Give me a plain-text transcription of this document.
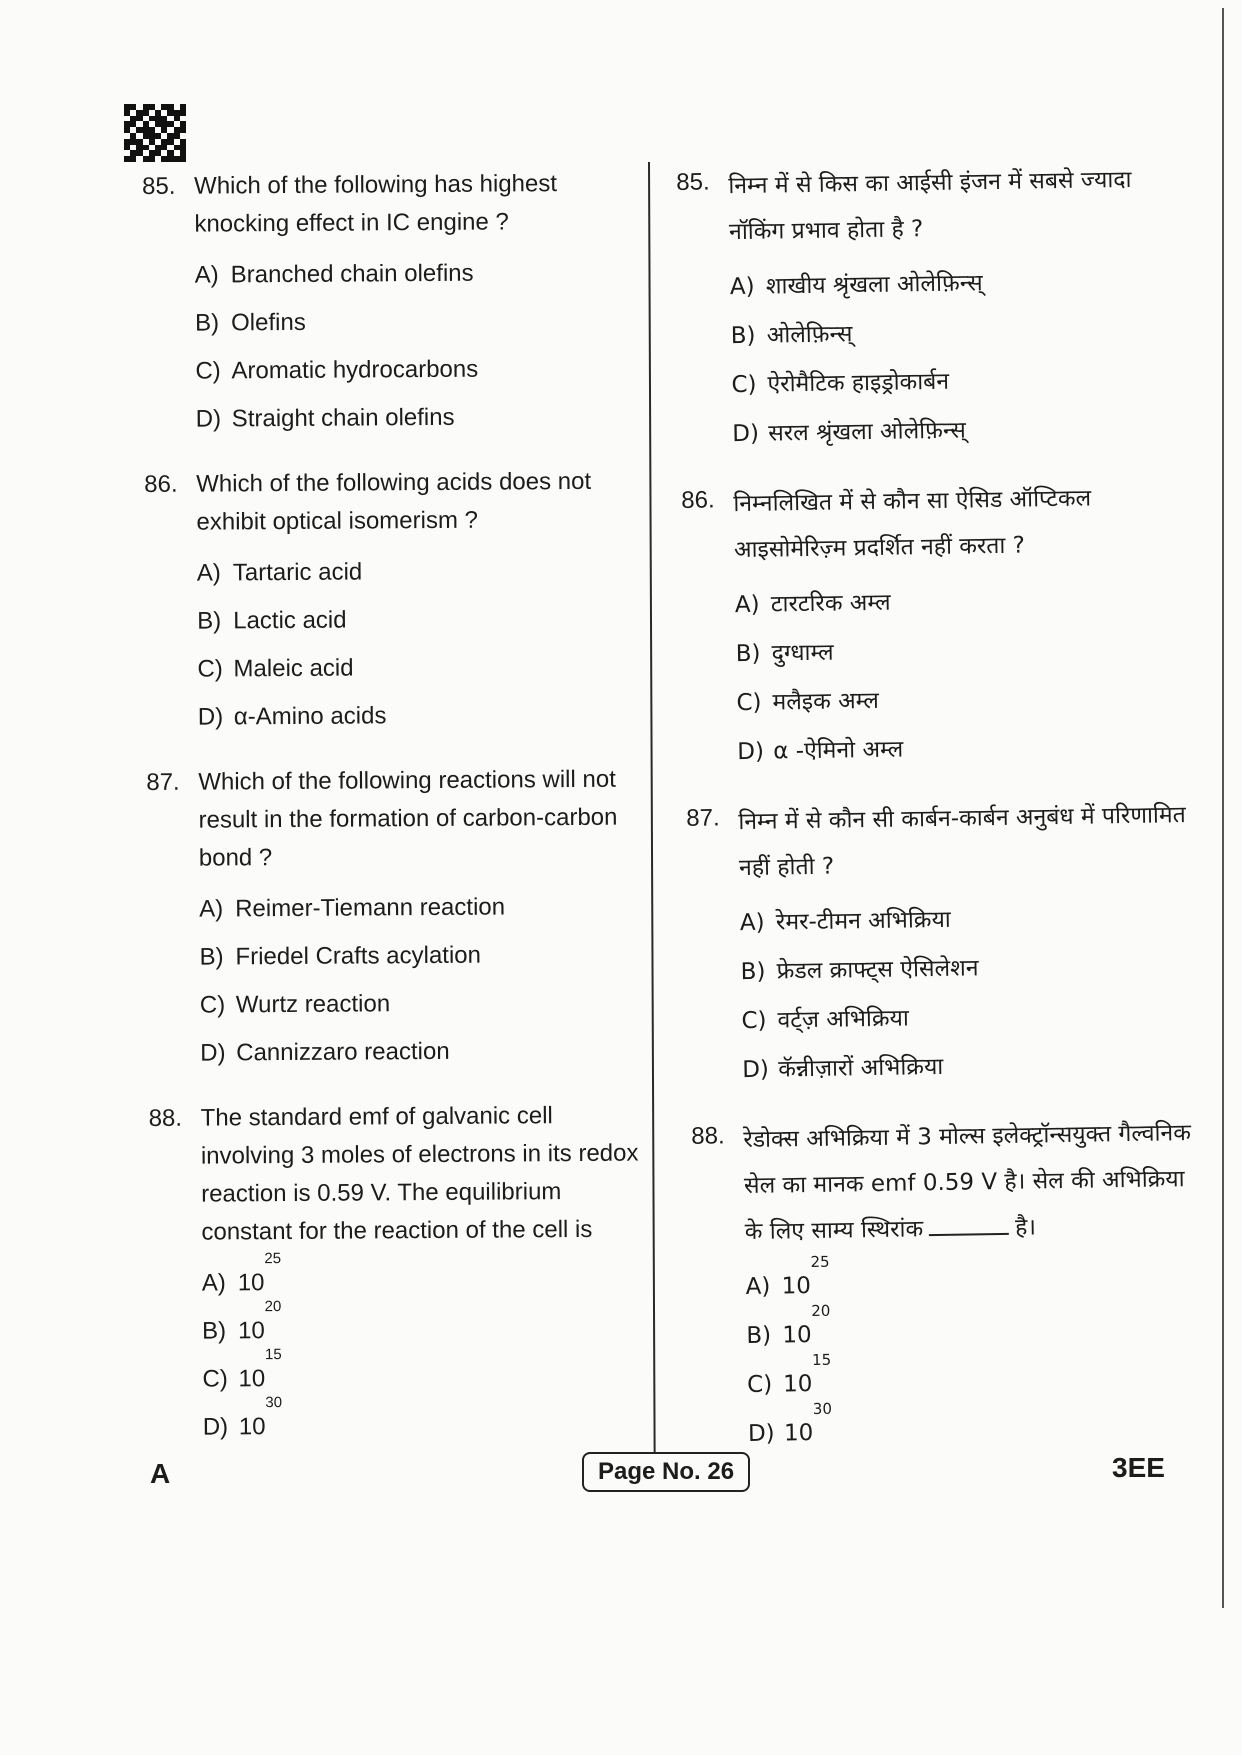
85. Which of the following has highest knocking effect in IC engine ?
A) Branched chain olefins
B) Olefins
C) Aromatic hydrocarbons
D) Straight chain olefins
86. Which of the following acids does not exhibit optical isomerism ?
A) Tartaric acid
B) Lactic acid
C) Maleic acid
D) α-Amino acids
87. Which of the following reactions will not result in the formation of carbon-carbon bond ?
A) Reimer-Tiemann reaction
B) Friedel Crafts acylation
C) Wurtz reaction
D) Cannizzaro reaction
88. The standard emf of galvanic cell involving 3 moles of electrons in its redox reaction is 0.59 V. The equilibrium constant for the reaction of the cell is
A) 10
25
B) 10
20
C) 10
15
D) 10
30
85. निम्न में से किस का आईसी इंजन में सबसे ज्यादा नॉकिंग प्रभाव होता है ?
A) शाखीय श्रृंखला ओलेफ़िन्स्
B) ओलेफ़िन्स्
C) ऐरोमैटिक हाइड्रोकार्बन
D) सरल श्रृंखला ओलेफ़िन्स्
86. निम्नलिखित में से कौन सा ऐसिड ऑप्टिकल आइसोमेरिज़्म प्रदर्शित नहीं करता ?
A) टारटरिक अम्ल
B) दुग्धाम्ल
C) मलैइक अम्ल
D) α -ऐमिनो अम्ल
87. निम्न में से कौन सी कार्बन-कार्बन अनुबंध में परिणामित नहीं होती ?
A) रेमर-टीमन अभिक्रिया
B) फ्रेडल क्राफ्ट्स ऐसिलेशन
C) वर्ट्ज़ अभिक्रिया
D) कॅन्नीज़ारों अभिक्रिया
88. रेडोक्स अभिक्रिया में 3 मोल्स इलेक्ट्रॉन्सयुक्त गैल्वनिक सेल का मानक emf 0.59 V है। सेल की अभिक्रिया के लिए साम्य स्थिरांक	है।
A) 10
25
B) 10
20
C) 10
15
D) 10
30
A	Page No. 26	3EE
